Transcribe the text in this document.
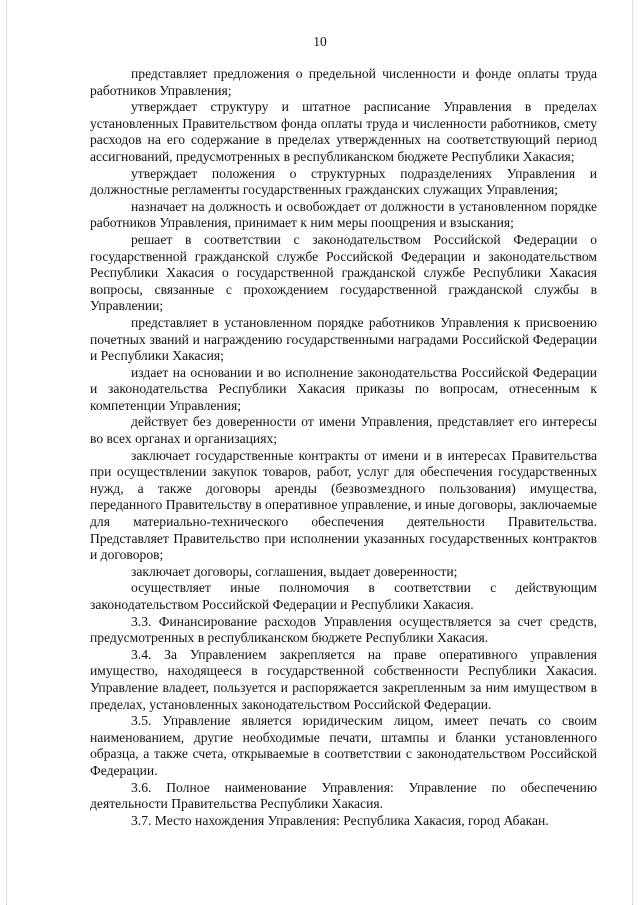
10

представляет предложения о предельной численности и фонде оплаты труда работников Управления;

утверждает структуру и штатное расписание Управления в пределах установленных Правительством фонда оплаты труда и численности работников, смету расходов на его содержание в пределах утвержденных на соответствующий период ассигнований, предусмотренных в республиканском бюджете Республики Хакасия;

утверждает положения о структурных подразделениях Управления и должностные регламенты государственных гражданских служащих Управления;

назначает на должность и освобождает от должности в установленном порядке работников Управления, принимает к ним меры поощрения и взыскания;

решает в соответствии с законодательством Российской Федерации о государственной гражданской службе Российской Федерации и законодательством Республики Хакасия о государственной гражданской службе Республики Хакасия вопросы, связанные с прохождением государственной гражданской службы в Управлении;

представляет в установленном порядке работников Управления к присвоению почетных званий и награждению государственными наградами Российской Федерации и Республики Хакасия;

издает на основании и во исполнение законодательства Российской Федерации и законодательства Республики Хакасия приказы по вопросам, отнесенным к компетенции Управления;

действует без доверенности от имени Управления, представляет его интересы во всех органах и организациях;

заключает государственные контракты от имени и в интересах Правительства при осуществлении закупок товаров, работ, услуг для обеспечения государственных нужд, а также договоры аренды (безвозмездного пользования) имущества, переданного Правительству в оперативное управление, и иные договоры, заключаемые для материально-технического обеспечения деятельности Правительства. Представляет Правительство при исполнении указанных государственных контрактов и договоров;

заключает договоры, соглашения, выдает доверенности;

осуществляет иные полномочия в соответствии с действующим законодательством Российской Федерации и Республики Хакасия.

3.3. Финансирование расходов Управления осуществляется за счет средств, предусмотренных в республиканском бюджете Республики Хакасия.

3.4. За Управлением закрепляется на праве оперативного управления имущество, находящееся в государственной собственности Республики Хакасия. Управление владеет, пользуется и распоряжается закрепленным за ним имуществом в пределах, установленных законодательством Российской Федерации.

3.5. Управление является юридическим лицом, имеет печать со своим наименованием, другие необходимые печати, штампы и бланки установленного образца, а также счета, открываемые в соответствии с законодательством Российской Федерации.

3.6. Полное наименование Управления: Управление по обеспечению деятельности Правительства Республики Хакасия.

3.7. Место нахождения Управления: Республика Хакасия, город Абакан.
